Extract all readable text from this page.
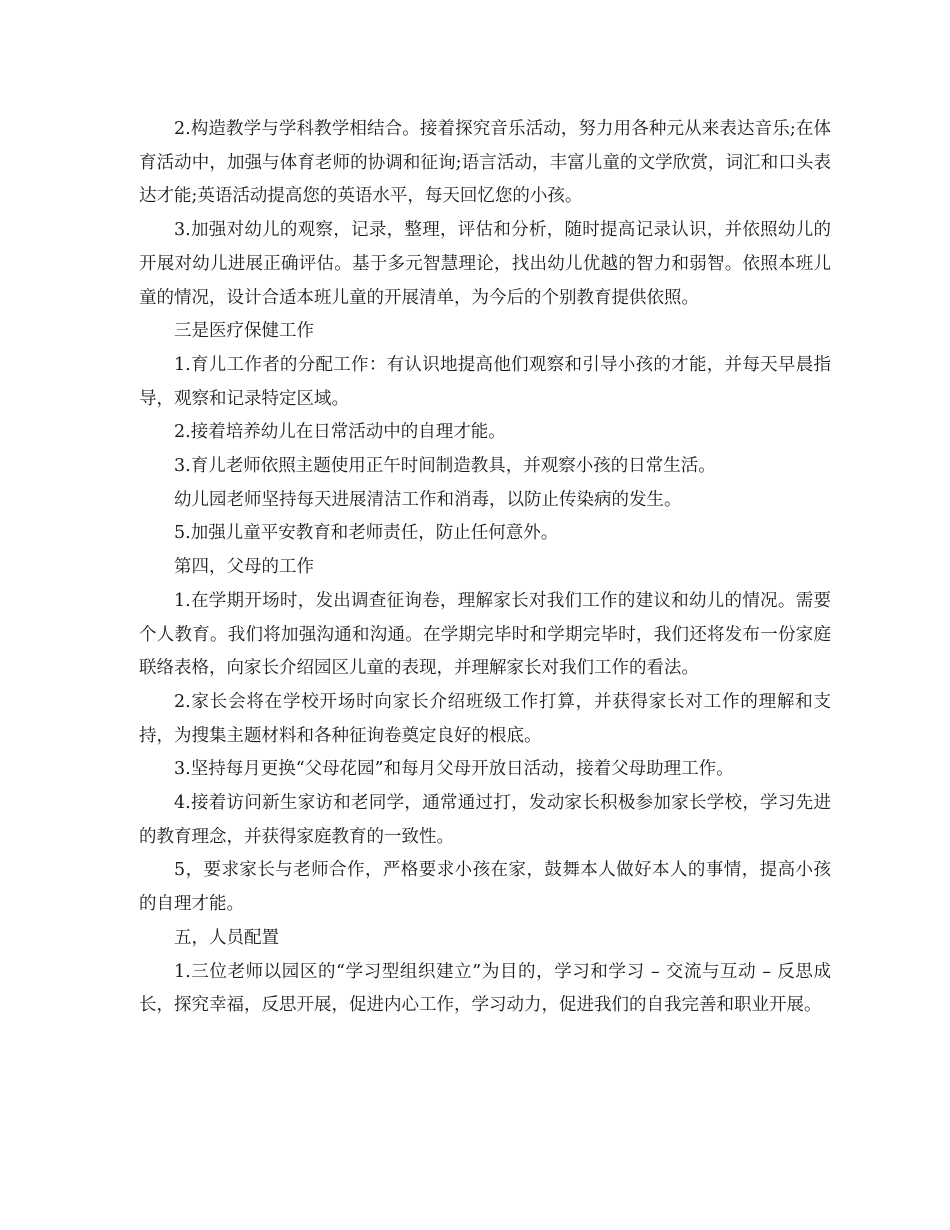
2.构造教学与学科教学相结合。接着探究音乐活动，努力用各种元从来表达音乐;在体育活动中，加强与体育老师的协调和征询;语言活动，丰富儿童的文学欣赏，词汇和口头表达才能;英语活动提高您的英语水平，每天回忆您的小孩。

3.加强对幼儿的观察，记录，整理，评估和分析，随时提高记录认识，并依照幼儿的开展对幼儿进展正确评估。基于多元智慧理论，找出幼儿优越的智力和弱智。依照本班儿童的情况，设计合适本班儿童的开展清单，为今后的个别教育提供依照。

三是医疗保健工作

1.育儿工作者的分配工作：有认识地提高他们观察和引导小孩的才能，并每天早晨指导，观察和记录特定区域。

2.接着培养幼儿在日常活动中的自理才能。

3.育儿老师依照主题使用正午时间制造教具，并观察小孩的日常生活。

幼儿园老师坚持每天进展清洁工作和消毒，以防止传染病的发生。

5.加强儿童平安教育和老师责任，防止任何意外。

第四，父母的工作

1.在学期开场时，发出调查征询卷，理解家长对我们工作的建议和幼儿的情况。需要个人教育。我们将加强沟通和沟通。在学期完毕时和学期完毕时，我们还将发布一份家庭联络表格，向家长介绍园区儿童的表现，并理解家长对我们工作的看法。

2.家长会将在学校开场时向家长介绍班级工作打算，并获得家长对工作的理解和支持，为搜集主题材料和各种征询卷奠定良好的根底。

3.坚持每月更换“父母花园”和每月父母开放日活动，接着父母助理工作。

4.接着访问新生家访和老同学，通常通过打，发动家长积极参加家长学校，学习先进的教育理念，并获得家庭教育的一致性。

5，要求家长与老师合作，严格要求小孩在家，鼓舞本人做好本人的事情，提高小孩的自理才能。

五，人员配置

1.三位老师以园区的“学习型组织建立”为目的，学习和学习 – 交流与互动 – 反思成长，探究幸福，反思开展，促进内心工作，学习动力，促进我们的自我完善和职业开展。
